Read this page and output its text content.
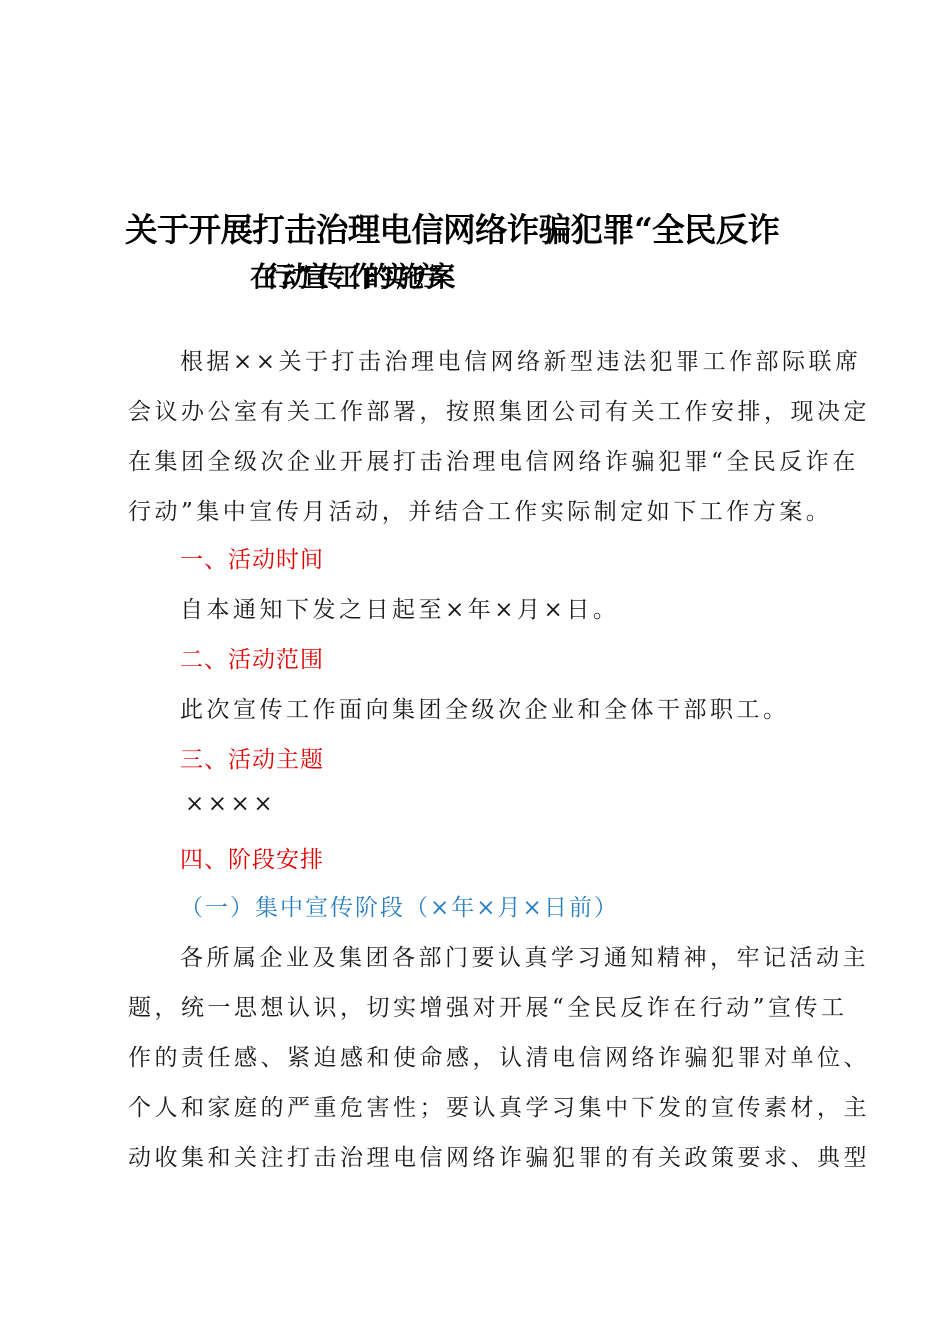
关于开展打击治理电信网络诈骗犯罪“全民反诈
在行动”宣传工作的实施方案

根据××关于打击治理电信网络新型违法犯罪工作部际联席

会议办公室有关工作部署，按照集团公司有关工作安排，现决定

在集团全级次企业开展打击治理电信网络诈骗犯罪“全民反诈在

行动”集中宣传月活动，并结合工作实际制定如下工作方案。

一、活动时间

自本通知下发之日起至×年×月×日。

二、活动范围

此次宣传工作面向集团全级次企业和全体干部职工。

三、活动主题

××××

四、阶段安排

（一）集中宣传阶段（×年×月×日前）

各所属企业及集团各部门要认真学习通知精神，牢记活动主

题，统一思想认识，切实增强对开展“全民反诈在行动”宣传工

作的责任感、紧迫感和使命感，认清电信网络诈骗犯罪对单位、

个人和家庭的严重危害性；要认真学习集中下发的宣传素材，主

动收集和关注打击治理电信网络诈骗犯罪的有关政策要求、典型
